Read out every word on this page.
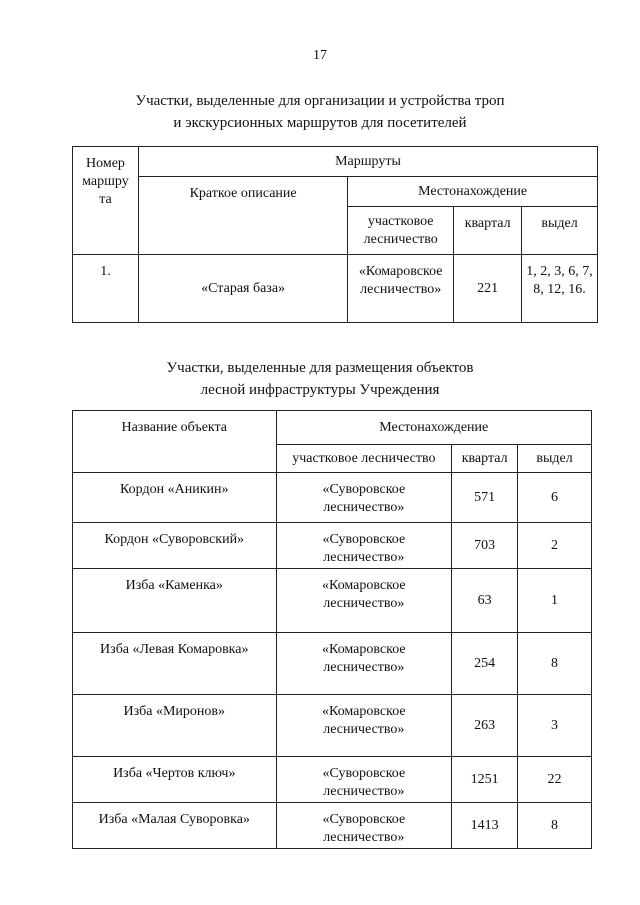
17
Участки, выделенные для организации и устройства троп
и экскурсионных маршрутов для посетителей
Номер маршру та	Маршруты			
	Краткое описание	Местонахождение		
		участковое лесничество	квартал	выдел
1.	«Старая база»	«Комаровское лесничество»	221	1, 2, 3, 6, 7, 8, 12, 16.
Участки, выделенные для размещения объектов
лесной инфраструктуры Учреждения
Название объекта	Местонахождение		
	участковое лесничество	квартал	выдел
Кордон «Аникин»	«Суворовское лесничество»	571	6
Кордон «Суворовский»	«Суворовское лесничество»	703	2
Изба «Каменка»	«Комаровское лесничество»	63	1
Изба «Левая Комаровка»	«Комаровское лесничество»	254	8
Изба «Миронов»	«Комаровское лесничество»	263	3
Изба «Чертов ключ»	«Суворовское лесничество»	1251	22
Изба «Малая Суворовка»	«Суворовское лесничество»	1413	8
